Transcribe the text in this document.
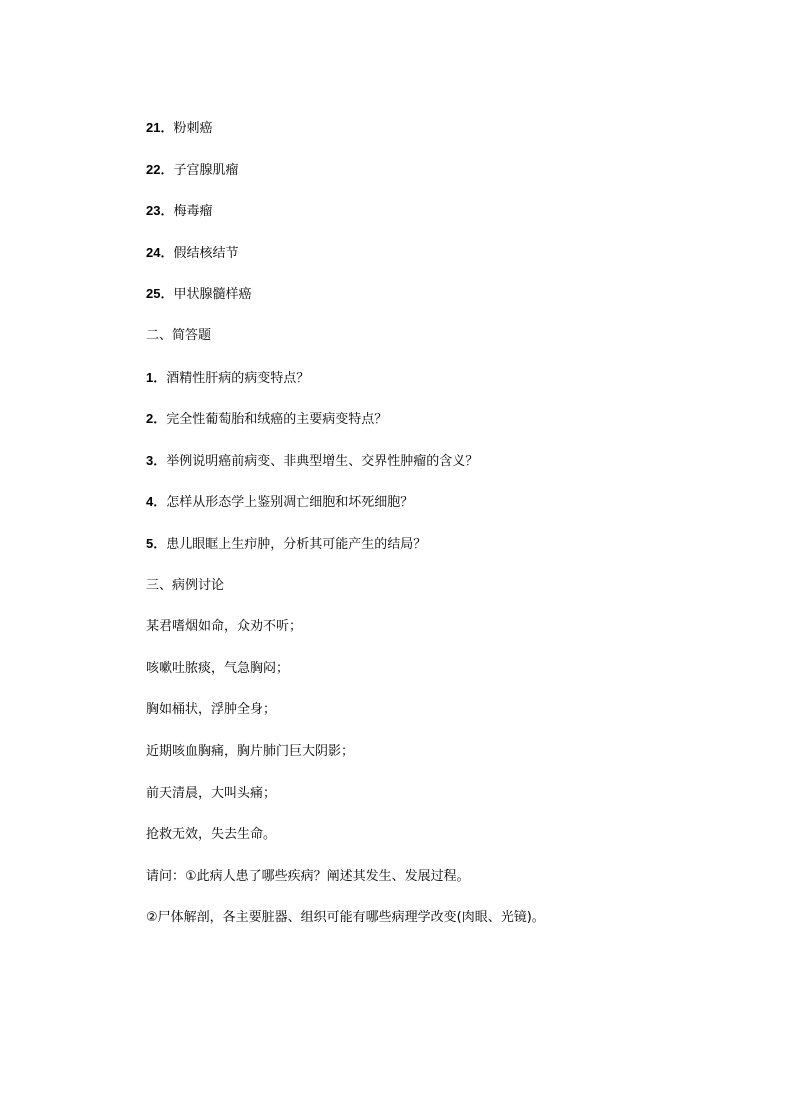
21．粉刺癌
22．子宫腺肌瘤
23．梅毒瘤
24．假结核结节
25．甲状腺髓样癌
二、简答题
1．酒精性肝病的病变特点？
2．完全性葡萄胎和绒癌的主要病变特点？
3．举例说明癌前病变、非典型增生、交界性肿瘤的含义？
4．怎样从形态学上鉴别凋亡细胞和坏死细胞？
5．患儿眼眶上生疖肿，分析其可能产生的结局？
三、病例讨论
某君嗜烟如命，众劝不听；
咳嗽吐脓痰，气急胸闷；
胸如桶状，浮肿全身；
近期咳血胸痛，胸片肺门巨大阴影；
前天清晨，大叫头痛；
抢救无效，失去生命。
请问：①此病人患了哪些疾病？阐述其发生、发展过程。
②尸体解剖，各主要脏器、组织可能有哪些病理学改变(肉眼、光镜)。
